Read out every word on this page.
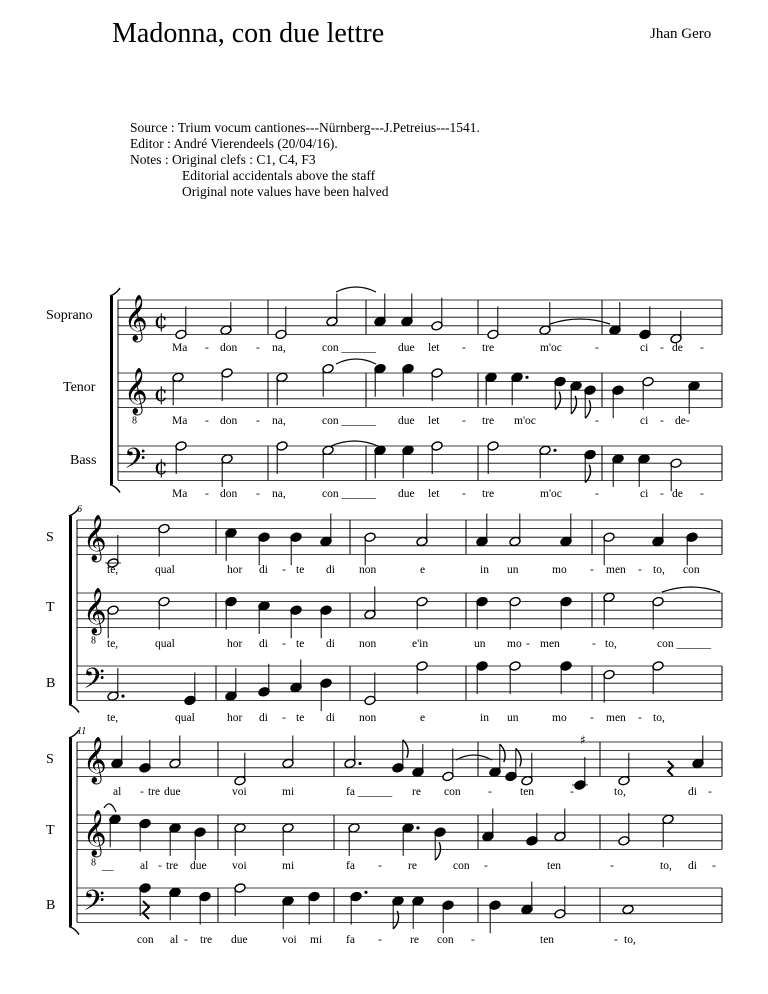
Madonna, con due lettre	Jhan Gero
Source : Trium vocum cantiones---Nürnberg---J.Petreius---1541.
Editor : André Vierendeels (20/04/16).
Notes : Original clefs : C1, C4, F3
Editorial accidentals above the staff
Original note values have been halved
Soprano
Tenor
Bass
S
T
B
S
T
B
6
11
𝄞 ¢
𝄞
8
¢
𝄢 ¢
𝄞
𝄞
8
𝄢
𝄞
𝄞
8
𝄢
♯
Ma - don - na,	con ______ due let - tre	m'oc	-	ci - de -
Ma - don - na,	con ______ due let - tre m'oc	-	ci - de-
Ma - don - na,	con ______ due let - tre	m'oc	-	ci - de -
te,	qual	hor di - te di non	e	in un	mo - men - to, con
te,	qual	hor di - te di non	e'in	un mo - men	- to,	con ______
te,	qual	hor di - te di non	e	in un	mo - men - to,
al - tre due	voi	mi	fa ______ re con - ten	-	to,	di -
__ al - tre due voi	mi	fa - re	con -	ten	-	to, di -
con al - tre due	voi mi fa - re con -	ten	- to,
